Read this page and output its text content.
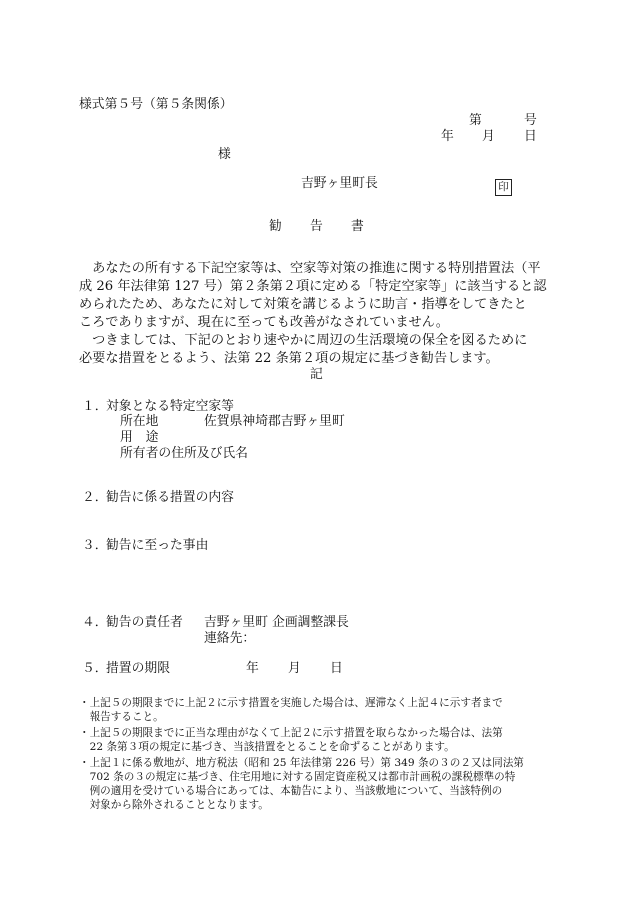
様式第５号（第５条関係）
第	号
年 月 日
様
吉野ヶ里町長	印
勧 告 書
　あなたの所有する下記空家等は、空家等対策の推進に関する特別措置法（平
成 26 年法律第 127 号）第２条第２項に定める「特定空家等」に該当すると認
められたため、あなたに対して対策を講じるように助言・指導をしてきたと
ころでありますが、現在に至っても改善がなされていません。
　つきましては、下記のとおり速やかに周辺の生活環境の保全を図るために
必要な措置をとるよう、法第 22 条第２項の規定に基づき勧告します。
記
１．
対象となる特定空家等
所在地	佐賀県神埼郡吉野ヶ里町
用　途
所有者の住所及び氏名
２．
勧告に係る措置の内容
３．
勧告に至った事由
４．
勧告の責任者 吉野ヶ里町 企画調整課長
連絡先：
５．
措置の期限	年 月 日
・上記５の期限までに上記２に示す措置を実施した場合は、遅滞なく上記４に示す者まで
　報告すること。
・上記５の期限までに正当な理由がなくて上記２に示す措置を取らなかった場合は、法第
　22 条第３項の規定に基づき、当該措置をとることを命ずることがあります。
・上記１に係る敷地が、地方税法（昭和 25 年法律第 226 号）第 349 条の３の２又は同法第
　702 条の３の規定に基づき、住宅用地に対する固定資産税又は都市計画税の課税標準の特
　例の適用を受けている場合にあっては、本勧告により、当該敷地について、当該特例の
　対象から除外されることとなります。
